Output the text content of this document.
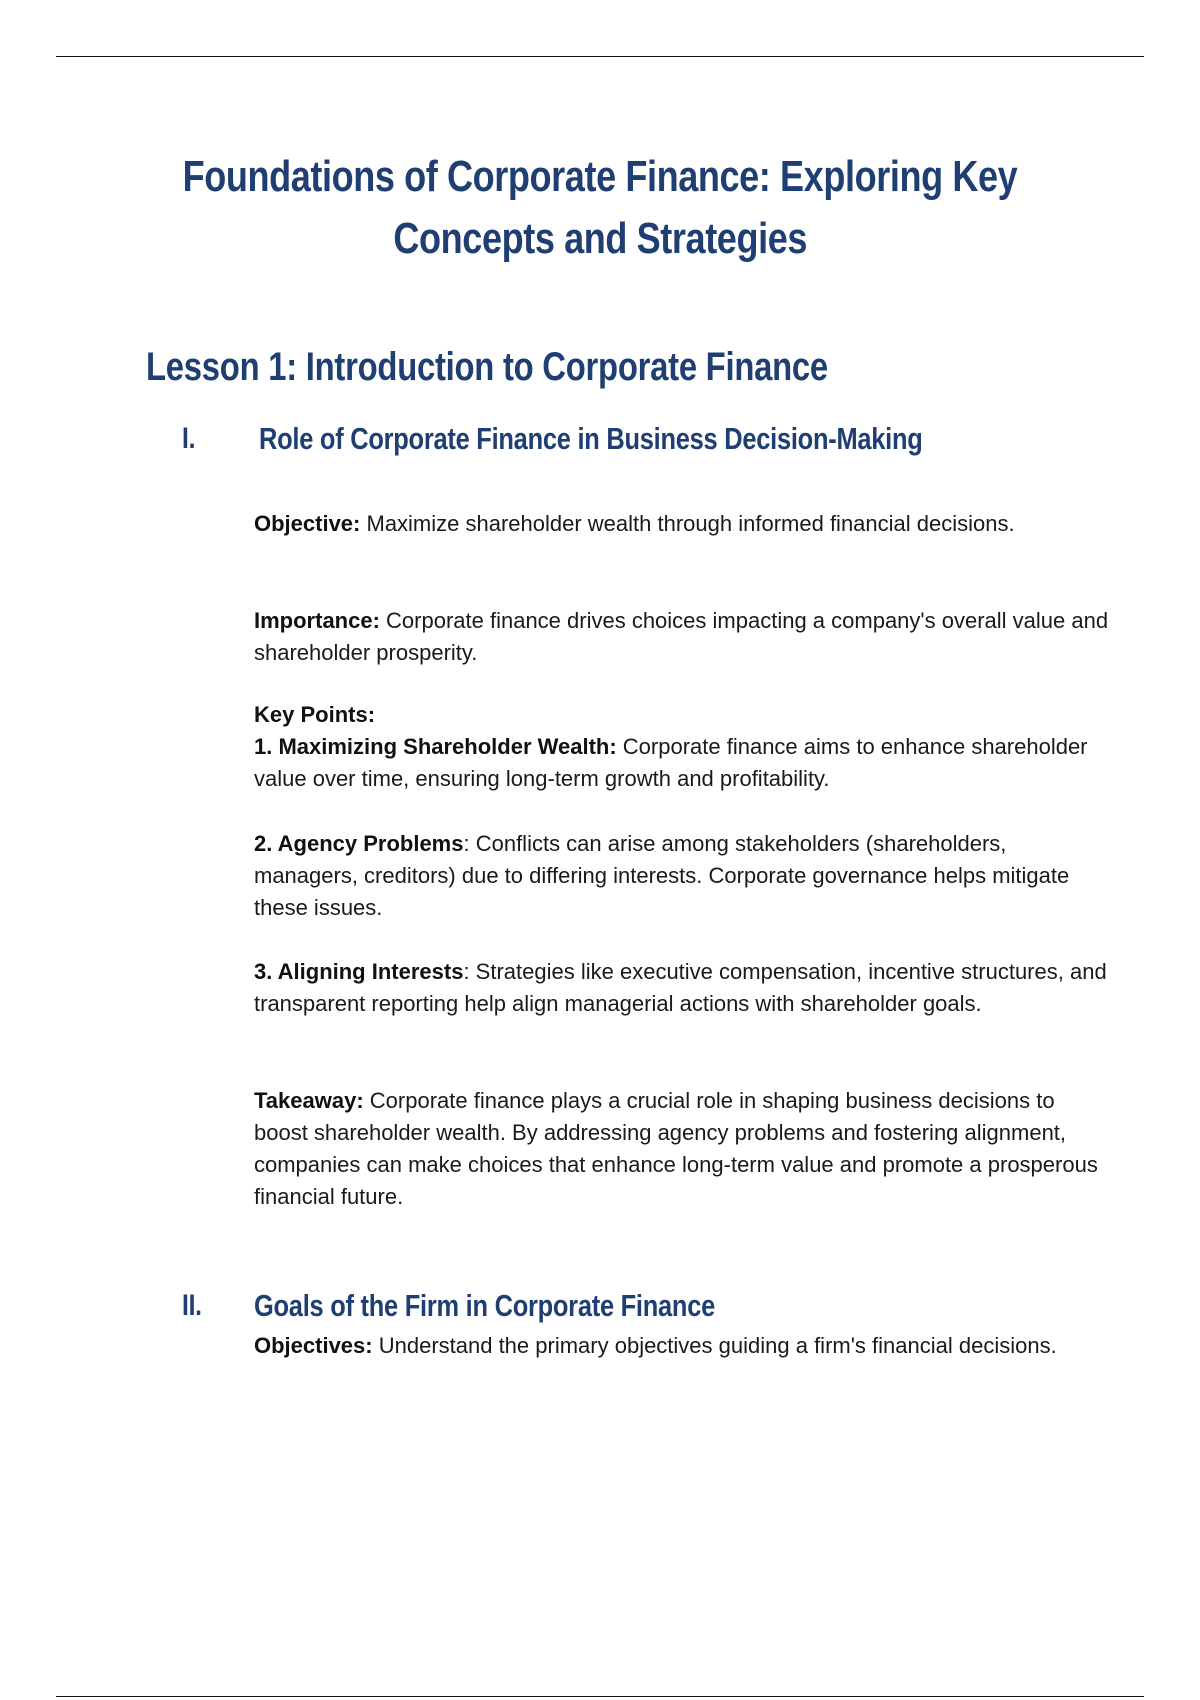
Foundations of Corporate Finance: Exploring Key
Concepts and Strategies
Lesson 1: Introduction to Corporate Finance
I. Role of Corporate Finance in Business Decision-Making
Objective: Maximize shareholder wealth through informed financial decisions.
Importance: Corporate finance drives choices impacting a company's overall value and shareholder prosperity.
Key Points:
1. Maximizing Shareholder Wealth: Corporate finance aims to enhance shareholder value over time, ensuring long-term growth and profitability.
2. Agency Problems: Conflicts can arise among stakeholders (shareholders, managers, creditors) due to differing interests. Corporate governance helps mitigate these issues.
3. Aligning Interests: Strategies like executive compensation, incentive structures, and transparent reporting help align managerial actions with shareholder goals.
Takeaway: Corporate finance plays a crucial role in shaping business decisions to boost shareholder wealth. By addressing agency problems and fostering alignment, companies can make choices that enhance long-term value and promote a prosperous financial future.
II. Goals of the Firm in Corporate Finance
Objectives: Understand the primary objectives guiding a firm's financial decisions.
